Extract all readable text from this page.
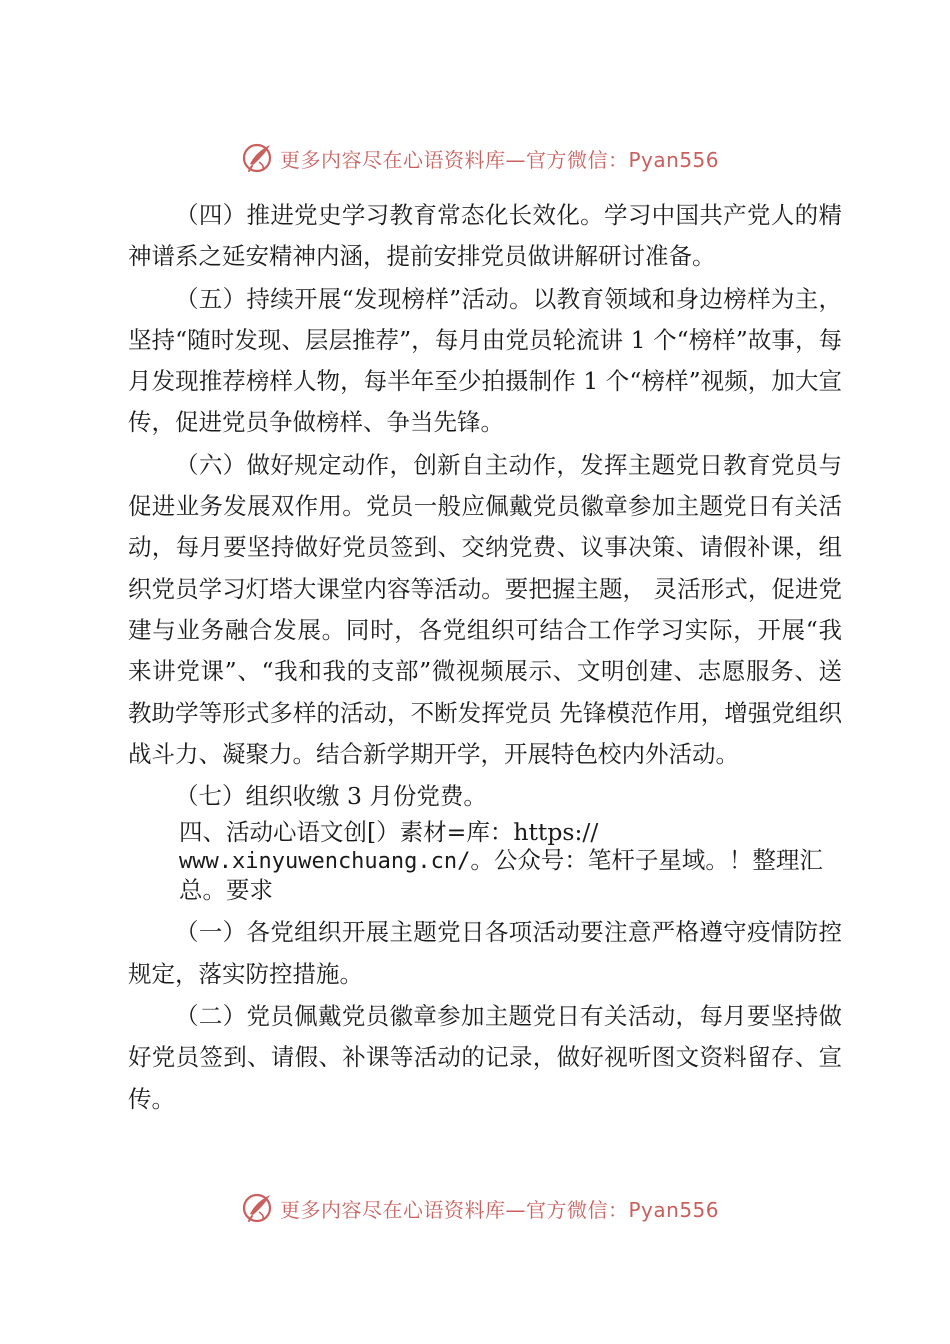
更多内容尽在心语资料库—官方微信：Pyan556

（四）推进党史学习教育常态化长效化。学习中国共产党人的精神谱系之延安精神内涵，提前安排党员做讲解研讨准备。

（五）持续开展“发现榜样”活动。以教育领域和身边榜样为主，坚持“随时发现、层层推荐”，每月由党员轮流讲 1 个“榜样”故事，每月发现推荐榜样人物，每半年至少拍摄制作 1 个“榜样”视频，加大宣传，促进党员争做榜样、争当先锋。

（六）做好规定动作，创新自主动作，发挥主题党日教育党员与促进业务发展双作用。党员一般应佩戴党员徽章参加主题党日有关活动，每月要坚持做好党员签到、交纳党费、议事决策、请假补课，组织党员学习灯塔大课堂内容等活动。要把握主题， 灵活形式，促进党建与业务融合发展。同时，各党组织可结合工作学习实际，开展“我来讲党课”、“我和我的支部”微视频展示、文明创建、志愿服务、送教助学等形式多样的活动，不断发挥党员 先锋模范作用，增强党组织战斗力、凝聚力。结合新学期开学，开展特色校内外活动。

（七）组织收缴 3 月份党费。

四、活动心语文创[）素材=库：https://
www.xinyuwenchuang.cn/。公众号：笔杆子星域。！整理汇
总。要求

（一）各党组织开展主题党日各项活动要注意严格遵守疫情防控规定，落实防控措施。

（二）党员佩戴党员徽章参加主题党日有关活动，每月要坚持做好党员签到、请假、补课等活动的记录，做好视听图文资料留存、宣传。

更多内容尽在心语资料库—官方微信：Pyan556
